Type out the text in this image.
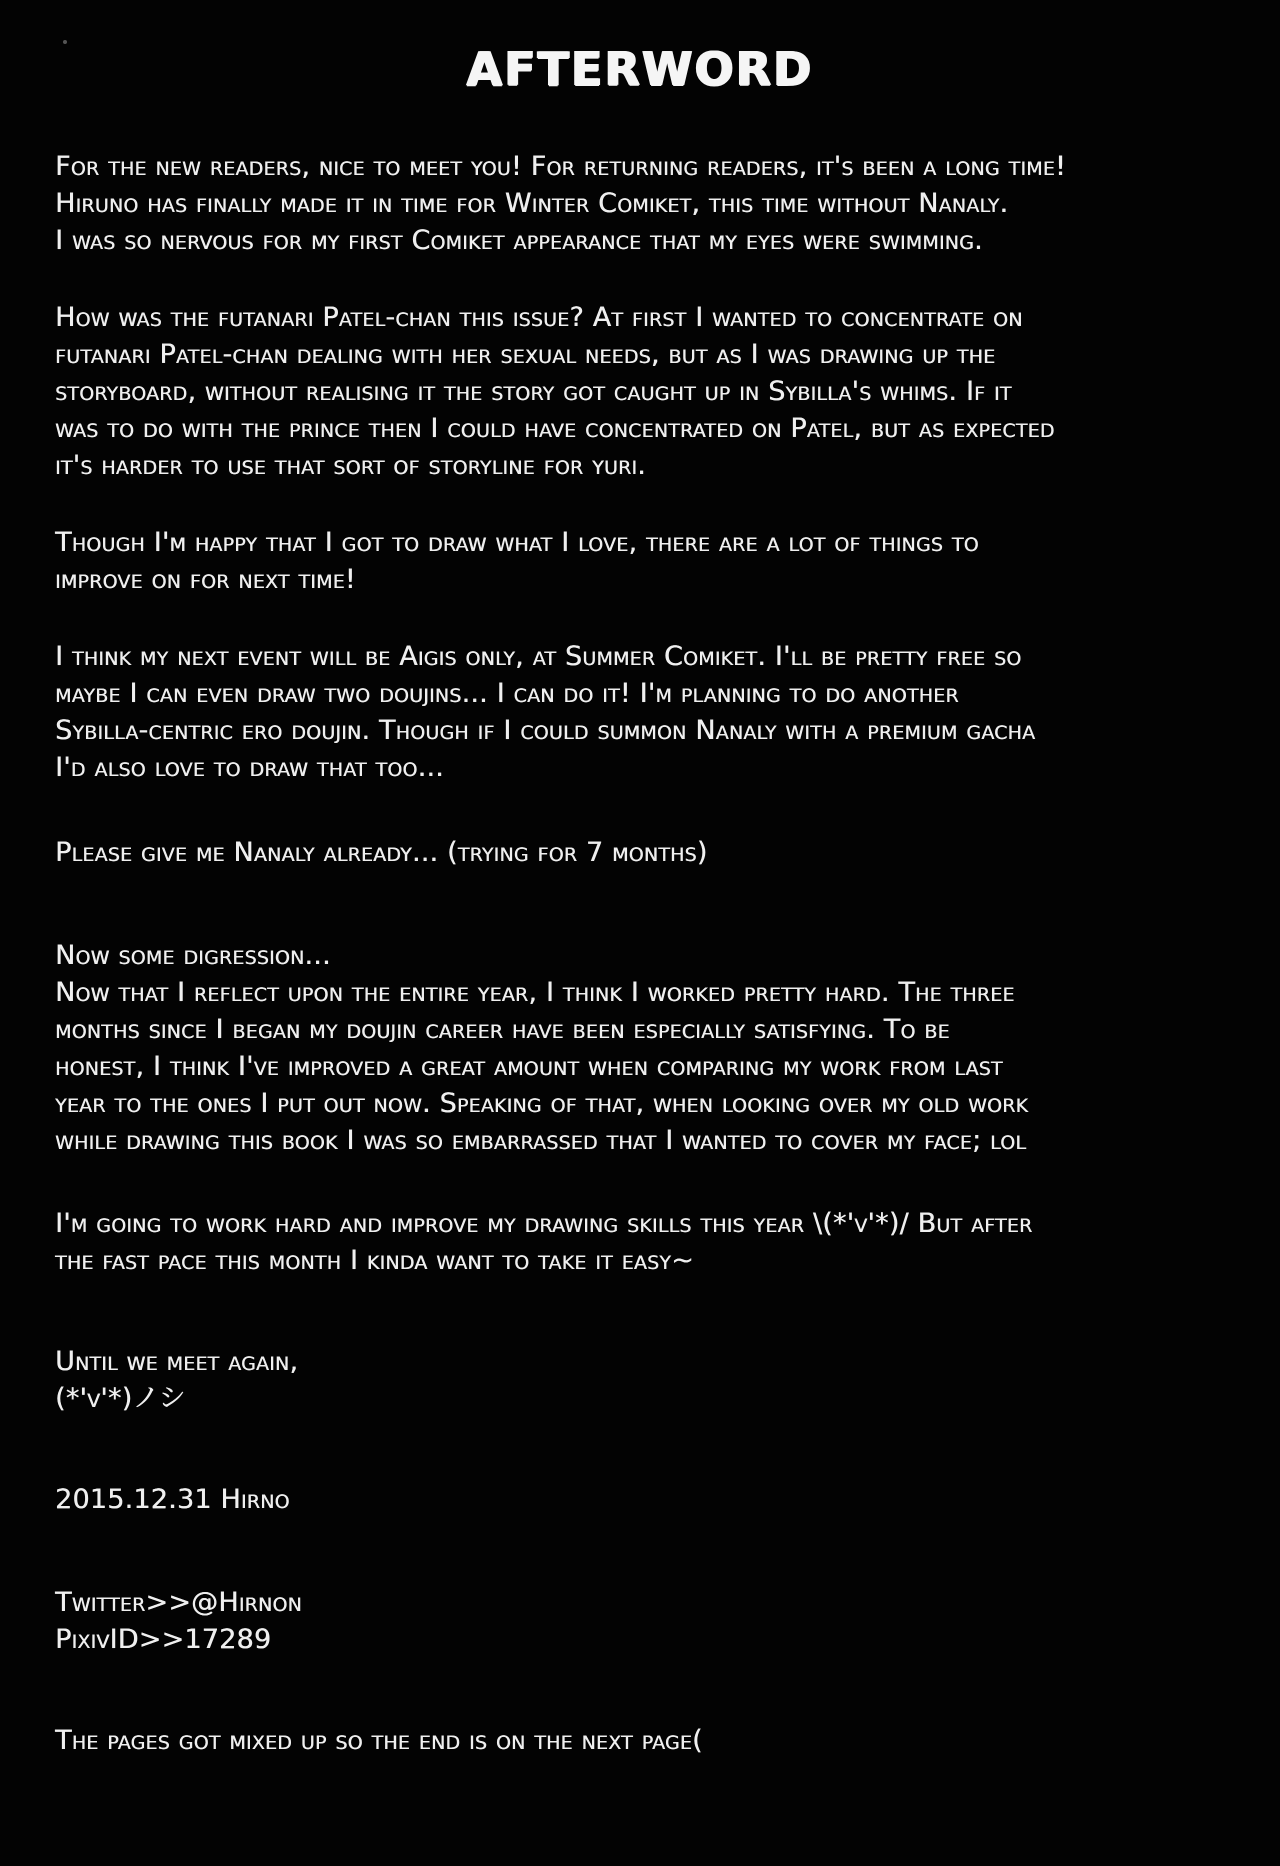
AFTERWORD
For the new readers, nice to meet you! For returning readers, it's been a long time!
Hiruno has finally made it in time for Winter Comiket, this time without Nanaly.
I was so nervous for my first Comiket appearance that my eyes were swimming.
How was the futanari Patel-chan this issue? At first I wanted to concentrate on
futanari Patel-chan dealing with her sexual needs, but as I was drawing up the
storyboard, without realising it the story got caught up in Sybilla's whims. If it
was to do with the prince then I could have concentrated on Patel, but as expected
it's harder to use that sort of storyline for yuri.
Though I'm happy that I got to draw what I love, there are a lot of things to
improve on for next time!
I think my next event will be Aigis only, at Summer Comiket. I'll be pretty free so
maybe I can even draw two doujins... I can do it! I'm planning to do another
Sybilla-centric ero doujin. Though if I could summon Nanaly with a premium gacha
I'd also love to draw that too...
Please give me Nanaly already... (trying for 7 months)
Now some digression...
Now that I reflect upon the entire year, I think I worked pretty hard. The three
months since I began my doujin career have been especially satisfying. To be
honest, I think I've improved a great amount when comparing my work from last
year to the ones I put out now. Speaking of that, when looking over my old work
while drawing this book I was so embarrassed that I wanted to cover my face; lol
I'm going to work hard and improve my drawing skills this year \(*'v'*)/ But after
the fast pace this month I kinda want to take it easy~
Until we meet again,
(*'v'*)ノシ
2015.12.31 Hirno
Twitter>>@Hirnon
PixivID>>17289
The pages got mixed up so the end is on the next page(
